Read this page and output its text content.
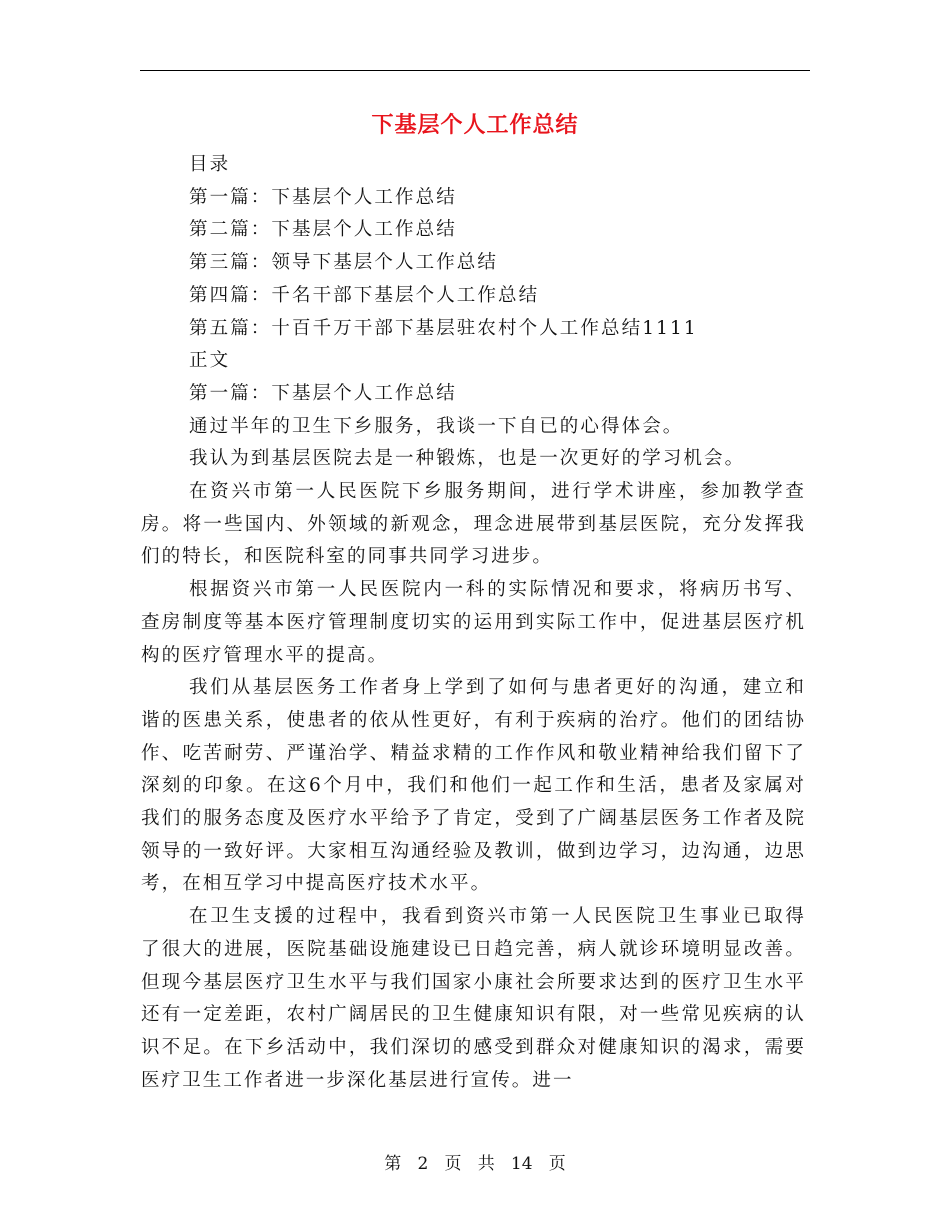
下基层个人工作总结

目录

第一篇：下基层个人工作总结

第二篇：下基层个人工作总结

第三篇：领导下基层个人工作总结

第四篇：千名干部下基层个人工作总结

第五篇：十百千万干部下基层驻农村个人工作总结1111

正文

第一篇：下基层个人工作总结

通过半年的卫生下乡服务，我谈一下自已的心得体会。

我认为到基层医院去是一种锻炼，也是一次更好的学习机会。

在资兴市第一人民医院下乡服务期间，进行学术讲座，参加教学查房。将一些国内、外领域的新观念，理念进展带到基层医院，充分发挥我们的特长，和医院科室的同事共同学习进步。

根据资兴市第一人民医院内一科的实际情况和要求，将病历书写、查房制度等基本医疗管理制度切实的运用到实际工作中，促进基层医疗机构的医疗管理水平的提高。

我们从基层医务工作者身上学到了如何与患者更好的沟通，建立和谐的医患关系，使患者的依从性更好，有利于疾病的治疗。他们的团结协作、吃苦耐劳、严谨治学、精益求精的工作作风和敬业精神给我们留下了深刻的印象。在这6个月中，我们和他们一起工作和生活，患者及家属对我们的服务态度及医疗水平给予了肯定，受到了广阔基层医务工作者及院领导的一致好评。大家相互沟通经验及教训，做到边学习，边沟通，边思考，在相互学习中提高医疗技术水平。

在卫生支援的过程中，我看到资兴市第一人民医院卫生事业已取得了很大的进展，医院基础设施建设已日趋完善，病人就诊环境明显改善。但现今基层医疗卫生水平与我们国家小康社会所要求达到的医疗卫生水平还有一定差距，农村广阔居民的卫生健康知识有限，对一些常见疾病的认识不足。在下乡活动中，我们深切的感受到群众对健康知识的渴求，需要医疗卫生工作者进一步深化基层进行宣传。进一

第 2 页 共 14 页
